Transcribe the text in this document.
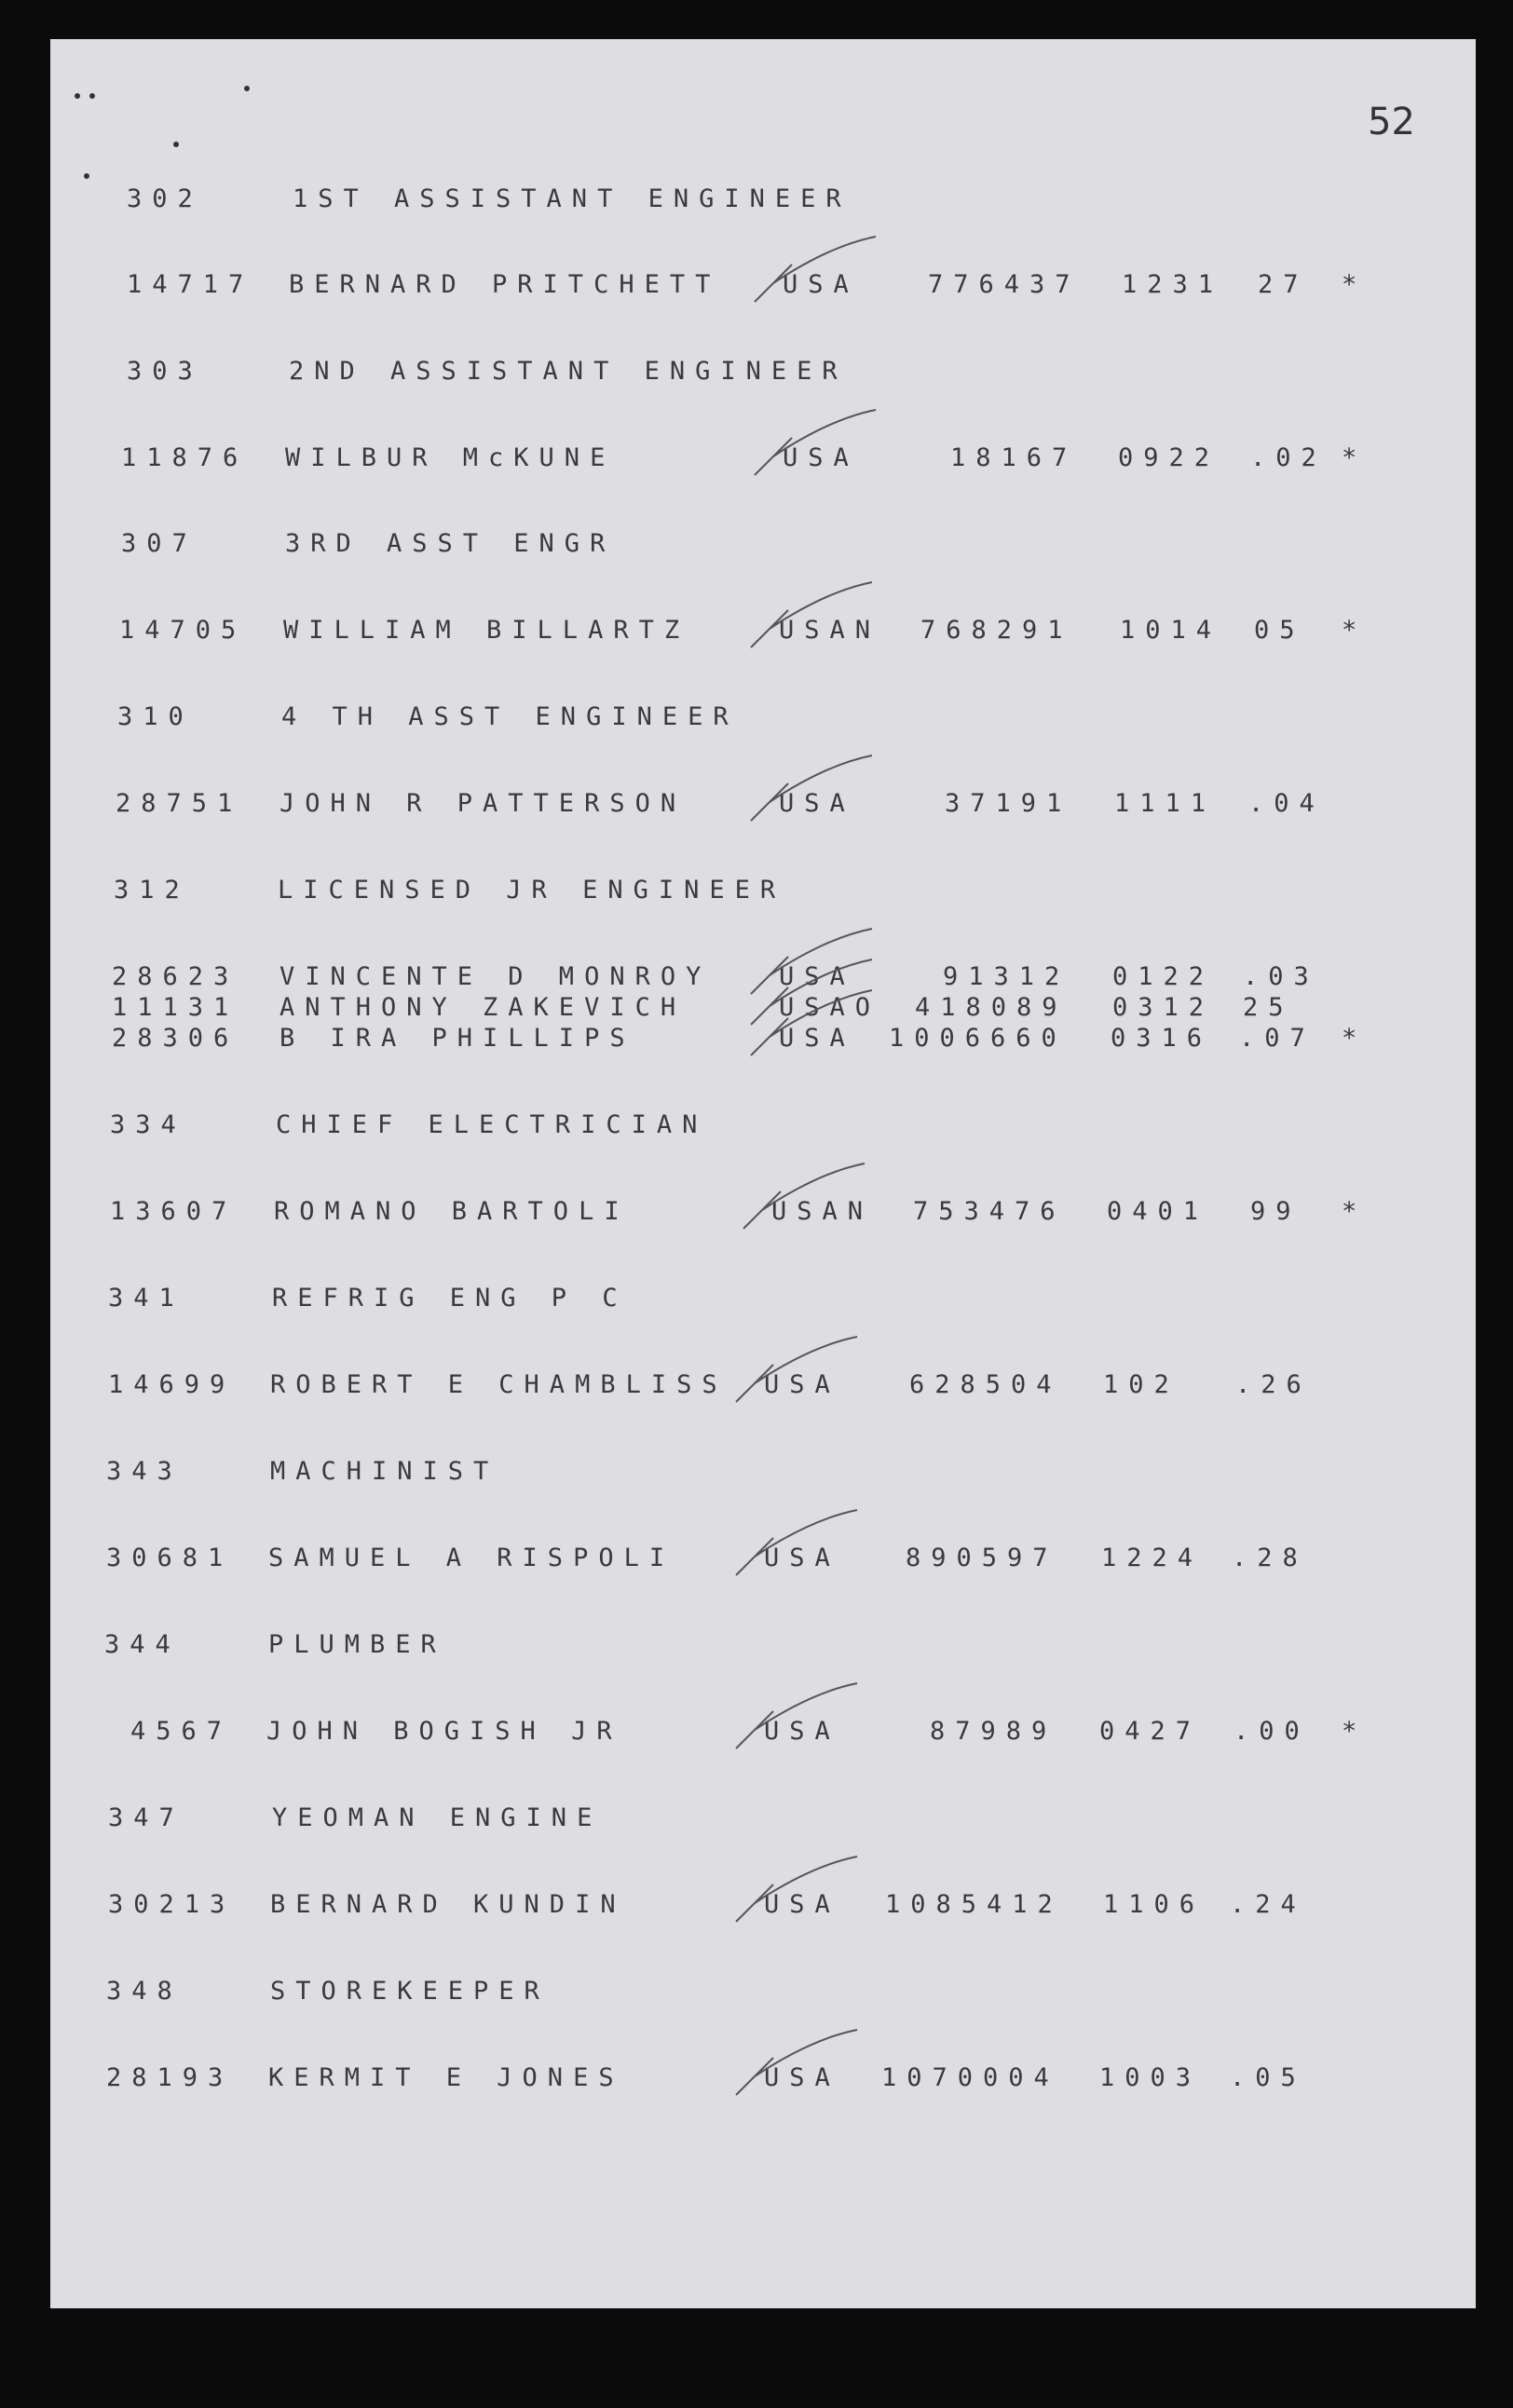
52
302	1ST ASSISTANT ENGINEER
14717 BERNARD PRITCHETT USA	776437 1231 27 *
303	2ND ASSISTANT ENGINEER
11876 WILBUR McKUNE	USA	18167 0922 .02 *
307	3RD ASST ENGR
14705 WILLIAM BILLARTZ	USAN 768291 1014 05 *
310	4 TH ASST ENGINEER
28751 JOHN R PATTERSON	USA	37191 1111 .04
312	LICENSED JR ENGINEER
28623 VINCENTE D MONROY	USA	91312 0122 .03
11131 ANTHONY ZAKEVICH	USAO 418089 0312 25
28306 B IRA PHILLIPS	USA 1006660 0316 .07 *
334	CHIEF ELECTRICIAN
13607 ROMANO BARTOLI	USAN 753476 0401 99 *
341	REFRIG ENG P C
14699 ROBERT E CHAMBLISS USA	628504 102 .26
343	MACHINIST
30681 SAMUEL A RISPOLI	USA	890597 1224 .28
344	PLUMBER
4567 JOHN BOGISH JR	USA	87989 0427 .00 *
347	YEOMAN ENGINE
30213 BERNARD KUNDIN	USA 1085412 1106 .24
348	STOREKEEPER
28193 KERMIT E JONES	USA 1070004 1003 .05
